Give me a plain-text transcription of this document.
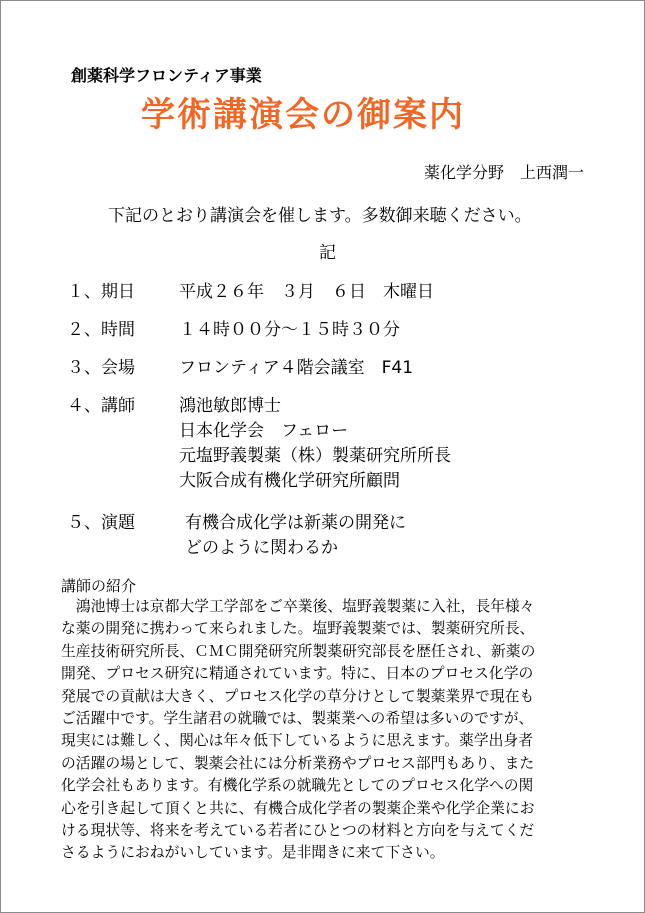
創薬科学フロンティア事業
学術講演会の御案内
薬化学分野　上西潤一
下記のとおり講演会を催します。多数御来聴ください。
記
１、期日	平成２６年　３月　６日　木曜日
２、時間	１４時００分～１５時３０分
３、会場	フロンティア４階会議室　F41
４、講師	鴻池敏郎博士
日本化学会　フェロー
元塩野義製薬（株）製薬研究所所長
大阪合成有機化学研究所顧問
５、演題	有機合成化学は新薬の開発に
どのように関わるか
講師の紹介
　鴻池博士は京都大学工学部をご卒業後、塩野義製薬に入社，長年様々
な薬の開発に携わって来られました。塩野義製薬では、製薬研究所長、
生産技術研究所長、ＣＭＣ開発研究所製薬研究部長を歴任され、新薬の
開発、プロセス研究に精通されています。特に、日本のプロセス化学の
発展での貢献は大きく、プロセス化学の草分けとして製薬業界で現在も
ご活躍中です。学生諸君の就職では、製薬業への希望は多いのですが、
現実には難しく、関心は年々低下しているように思えます。薬学出身者
の活躍の場として、製薬会社には分析業務やプロセス部門もあり、また
化学会社もあります。有機化学系の就職先としてのプロセス化学への関
心を引き起して頂くと共に、有機合成化学者の製薬企業や化学企業にお
ける現状等、将来を考えている若者にひとつの材料と方向を与えてくだ
さるようにおねがいしています。是非聞きに来て下さい。
